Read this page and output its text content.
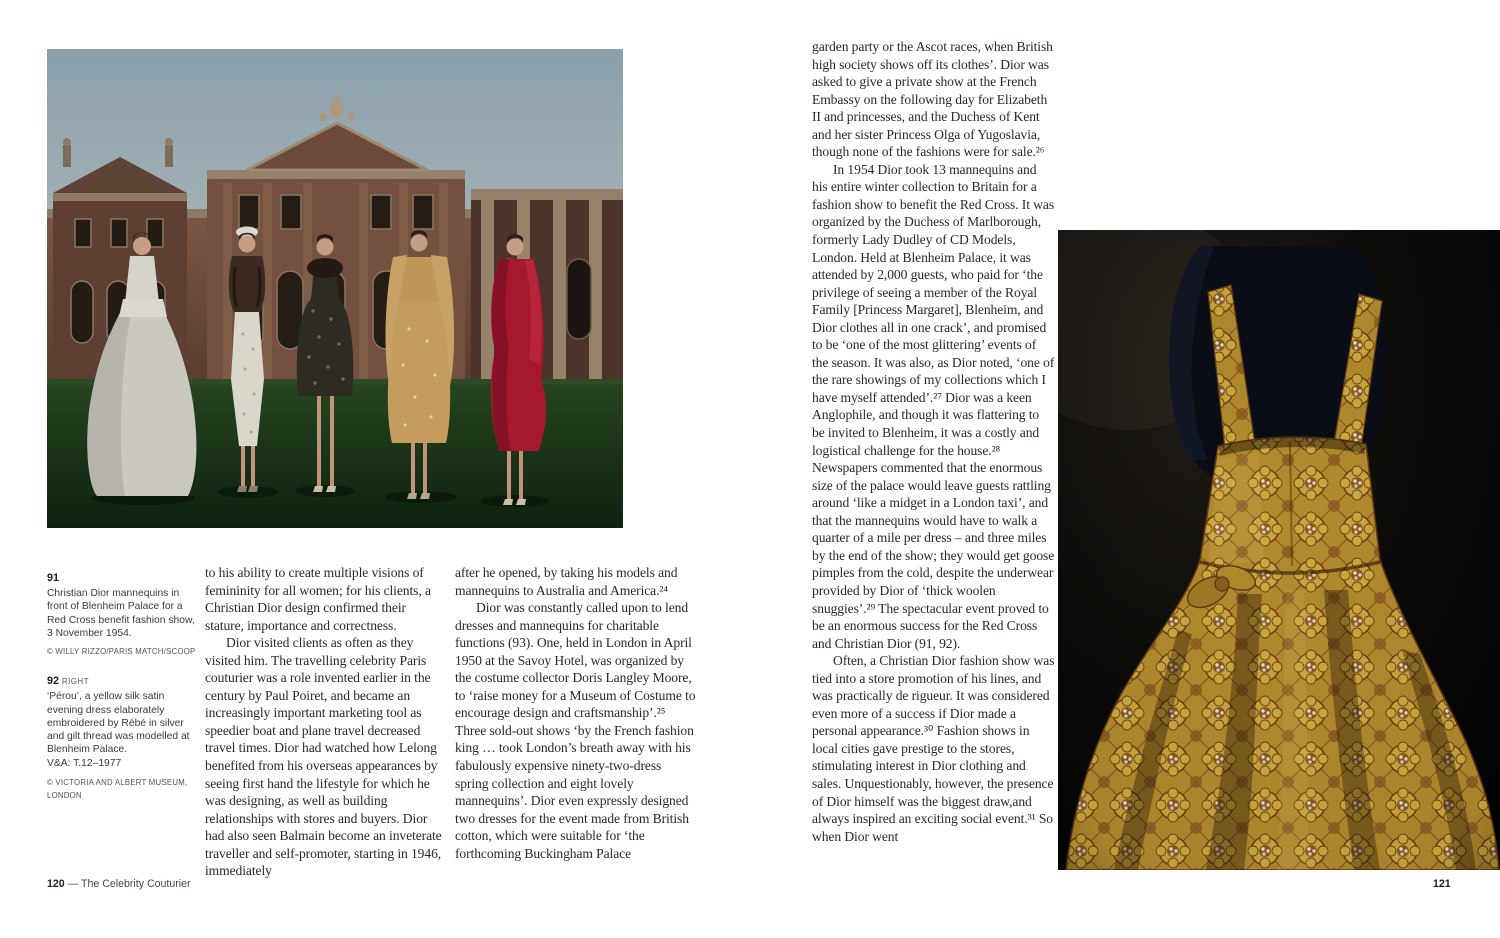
91
Christian Dior mannequins in front of Blenheim Palace for a Red Cross benefit fashion show, 3 November 1954.
© WILLY RIZZO/PARIS MATCH/SCOOP
92 RIGHT
‘Pérou’, a yellow silk satin evening dress elaborately embroidered by Rébé in silver and gilt thread was modelled at Blenheim Palace.
V&A: T.12–1977
© VICTORIA AND ALBERT MUSEUM, LONDON

to his ability to create multiple visions of femininity for all women; for his clients, a Christian Dior design confirmed their stature, importance and correctness.

Dior visited clients as often as they visited him. The travelling celebrity Paris couturier was a role invented earlier in the century by Paul Poiret, and became an increasingly important marketing tool as speedier boat and plane travel decreased travel times. Dior had watched how Lelong benefited from his overseas appearances by seeing first hand the lifestyle for which he was designing, as well as building relationships with stores and buyers. Dior had also seen Balmain become an inveterate traveller and self-promoter, starting in 1946, immediately

after he opened, by taking his models and mannequins to Australia and America.²⁴

Dior was constantly called upon to lend dresses and mannequins for charitable functions (93). One, held in London in April 1950 at the Savoy Hotel, was organized by the costume collector Doris Langley Moore, to ‘raise money for a Museum of Costume to encourage design and craftsmanship’.²⁵ Three sold-out shows ‘by the French fashion king … took London’s breath away with his fabulously expensive ninety-two-dress spring collection and eight lovely mannequins’. Dior even expressly designed two dresses for the event made from British cotton, which were suitable for ‘the forthcoming Buckingham Palace

120 — The Celebrity Couturier

garden party or the Ascot races, when British high society shows off its clothes’. Dior was asked to give a private show at the French Embassy on the following day for Elizabeth II and princesses, and the Duchess of Kent and her sister Princess Olga of Yugoslavia, though none of the fashions were for sale.²⁶

In 1954 Dior took 13 mannequins and his entire winter collection to Britain for a fashion show to benefit the Red Cross. It was organized by the Duchess of Marlborough, formerly Lady Dudley of CD Models, London. Held at Blenheim Palace, it was attended by 2,000 guests, who paid for ‘the privilege of seeing a member of the Royal Family [Princess Margaret], Blenheim, and Dior clothes all in one crack’, and promised to be ‘one of the most glittering’ events of the season. It was also, as Dior noted, ‘one of the rare showings of my collections which I have myself attended’.²⁷ Dior was a keen Anglophile, and though it was flattering to be invited to Blenheim, it was a costly and logistical challenge for the house.²⁸ Newspapers commented that the enormous size of the palace would leave guests rattling around ‘like a midget in a London taxi’, and that the mannequins would have to walk a quarter of a mile per dress – and three miles by the end of the show; they would get goose pimples from the cold, despite the underwear provided by Dior of ‘thick woolen snuggies’.²⁹ The spectacular event proved to be an enormous success for the Red Cross and Christian Dior (91, 92).

Often, a Christian Dior fashion show was tied into a store promotion of his lines, and was practically de rigueur. It was considered even more of a success if Dior made a personal appearance.³⁰ Fashion shows in local cities gave prestige to the stores, stimulating interest in Dior clothing and sales. Unquestionably, however, the presence of Dior himself was the biggest draw,and always inspired an exciting social event.³¹ So when Dior went

121
